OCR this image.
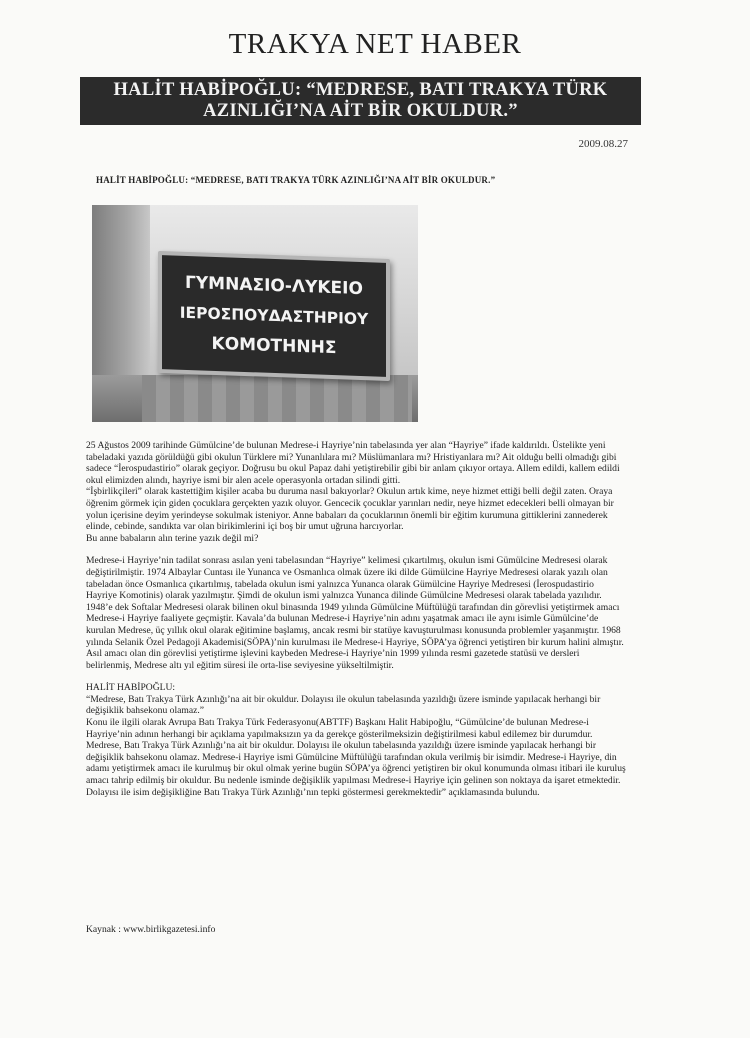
TRAKYA NET HABER
HALİT HABİPOĞLU: “MEDRESE, BATI TRAKYA TÜRK
AZINLIĞI’NA AİT BİR OKULDUR.”
2009.08.27
HALİT HABİPOĞLU: “MEDRESE, BATI TRAKYA TÜRK AZINLIĞI’NA AİT BİR OKULDUR.”
ΓΥΜΝΑΣΙΟ-ΛΥΚΕΙΟ
ΙΕΡΟΣΠΟΥΔΑΣΤΗΡΙΟΥ
ΚΟΜΟΤΗΝΗΣ

25 Ağustos 2009 tarihinde Gümülcine’de bulunan Medrese-i Hayriye’nin tabelasında yer alan “Hayriye” ifade kaldırıldı. Üstelikte yeni tabeladaki yazıda görüldüğü gibi okulun Türklere mi? Yunanlılara mı? Müslümanlara mı? Hristiyanlara mı? Ait olduğu belli olmadığı gibi sadece “İerospudastirio” olarak geçiyor. Doğrusu bu okul Papaz dahi yetiştirebilir gibi bir anlam çıkıyor ortaya. Allem edildi, kallem edildi okul elimizden alındı, hayriye ismi bir alen acele operasyonla ortadan silindi gitti.

“İşbirlikçileri” olarak kastettiğim kişiler acaba bu duruma nasıl bakıyorlar? Okulun artık kime, neye hizmet ettiği belli değil zaten. Oraya öğrenim görmek için giden çocuklara gerçekten yazık oluyor. Gencecik çocuklar yarınları nedir, neye hizmet edecekleri belli olmayan bir yolun içerisine deyim yerindeyse sokulmak isteniyor. Anne babaları da çocuklarının önemli bir eğitim kurumuna gittiklerini zannederek elinde, cebinde, sandıkta var olan birikimlerini içi boş bir umut uğruna harcıyorlar.

Bu anne babaların alın terine yazık değil mi?

Medrese-i Hayriye’nin tadilat sonrası asılan yeni tabelasından “Hayriye” kelimesi çıkartılmış, okulun ismi Gümülcine Medresesi olarak değiştirilmiştir. 1974 Albaylar Cuntası ile Yunanca ve Osmanlıca olmak üzere iki dilde Gümülcine Hayriye Medresesi olarak yazılı olan tabeladan önce Osmanlıca çıkartılmış, tabelada okulun ismi yalnızca Yunanca olarak Gümülcine Hayriye Medresesi (İerospudastirio Hayriye Komotinis) olarak yazılmıştır. Şimdi de okulun ismi yalnızca Yunanca dilinde Gümülcine Medresesi olarak tabelada yazılıdır.

1948’e dek Softalar Medresesi olarak bilinen okul binasında 1949 yılında Gümülcine Müftülüğü tarafından din görevlisi yetiştirmek amacı Medrese-i Hayriye faaliyete geçmiştir. Kavala’da bulunan Medrese-i Hayriye’nin adını yaşatmak amacı ile aynı isimle Gümülcine’de kurulan Medrese, üç yıllık okul olarak eğitimine başlamış, ancak resmi bir statüye kavuşturulması konusunda problemler yaşanmıştır. 1968 yılında Selanik Özel Pedagoji Akademisi(SÖPA)’nin kurulması ile Medrese-i Hayriye, SÖPA’ya öğrenci yetiştiren bir kurum halini almıştır. Asıl amacı olan din görevlisi yetiştirme işlevini kaybeden Medrese-i Hayriye’nin 1999 yılında resmi gazetede statüsü ve dersleri belirlenmiş, Medrese altı yıl eğitim süresi ile orta-lise seviyesine yükseltilmiştir.

HALİT HABİPOĞLU:

“Medrese, Batı Trakya Türk Azınlığı’na ait bir okuldur. Dolayısı ile okulun tabelasında yazıldığı üzere isminde yapılacak herhangi bir değişiklik bahsekonu olamaz.”

Konu ile ilgili olarak Avrupa Batı Trakya Türk Federasyonu(ABTTF) Başkanı Halit Habipoğlu, “Gümülcine’de bulunan Medrese-i Hayriye’nin adının herhangi bir açıklama yapılmaksızın ya da gerekçe gösterilmeksizin değiştirilmesi kabul edilemez bir durumdur. Medrese, Batı Trakya Türk Azınlığı’na ait bir okuldur. Dolayısı ile okulun tabelasında yazıldığı üzere isminde yapılacak herhangi bir değişiklik bahsekonu olamaz. Medrese-i Hayriye ismi Gümülcine Müftülüğü tarafından okula verilmiş bir isimdir. Medrese-i Hayriye, din adamı yetiştirmek amacı ile kurulmuş bir okul olmak yerine bugün SÖPA’ya öğrenci yetiştiren bir okul konumunda olması itibari ile kuruluş amacı tahrip edilmiş bir okuldur. Bu nedenle isminde değişiklik yapılması Medrese-i Hayriye için gelinen son noktaya da işaret etmektedir. Dolayısı ile isim değişikliğine Batı Trakya Türk Azınlığı’nın tepki göstermesi gerekmektedir” açıklamasında bulundu.

Kaynak : www.birlikgazetesi.info
